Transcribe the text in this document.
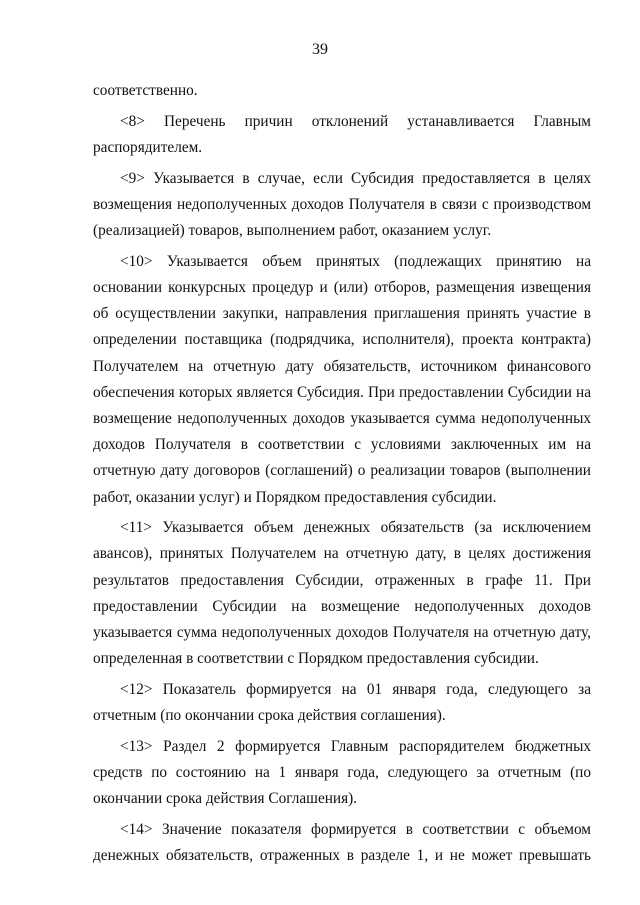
39

соответственно.

<8> Перечень причин отклонений устанавливается Главным распорядителем.

<9> Указывается в случае, если Субсидия предоставляется в целях возмещения недополученных доходов Получателя в связи с производством (реализацией) товаров, выполнением работ, оказанием услуг.

<10> Указывается объем принятых (подлежащих принятию на основании конкурсных процедур и (или) отборов, размещения извещения об осуществлении закупки, направления приглашения принять участие в определении поставщика (подрядчика, исполнителя), проекта контракта) Получателем на отчетную дату обязательств, источником финансового обеспечения которых является Субсидия. При предоставлении Субсидии на возмещение недополученных доходов указывается сумма недополученных доходов Получателя в соответствии с условиями заключенных им на отчетную дату договоров (соглашений) о реализации товаров (выполнении работ, оказании услуг) и Порядком предоставления субсидии.

<11> Указывается объем денежных обязательств (за исключением авансов), принятых Получателем на отчетную дату, в целях достижения результатов предоставления Субсидии, отраженных в графе 11. При предоставлении Субсидии на возмещение недополученных доходов указывается сумма недополученных доходов Получателя на отчетную дату, определенная в соответствии с Порядком предоставления субсидии.

<12> Показатель формируется на 01 января года, следующего за отчетным (по окончании срока действия соглашения).

<13> Раздел 2 формируется Главным распорядителем бюджетных средств по состоянию на 1 января года, следующего за отчетным (по окончании срока действия Соглашения).

<14> Значение показателя формируется в соответствии с объемом денежных обязательств, отраженных в разделе 1, и не может превышать
